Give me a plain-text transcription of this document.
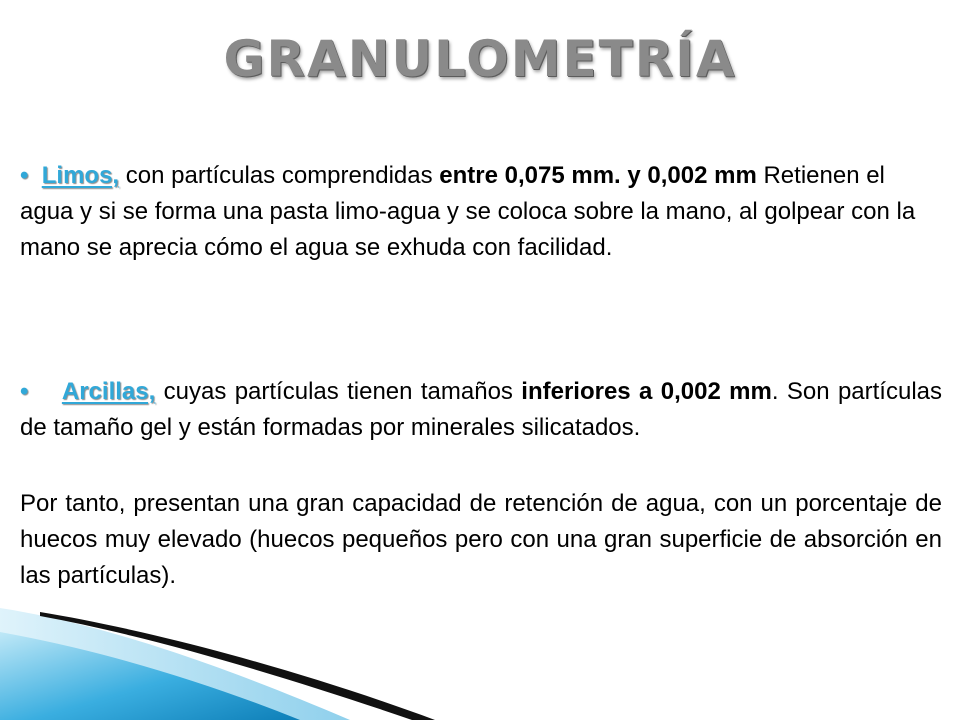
GRANULOMETRÍA
• Limos, con partículas comprendidas entre 0,075 mm. y 0,002 mm Retienen el agua y si se forma una pasta limo-agua y se coloca sobre la mano, al golpear con la mano se aprecia cómo el agua se exhuda con facilidad.
• Arcillas, cuyas partículas tienen tamaños inferiores a 0,002 mm. Son partículas de tamaño gel y están formadas por minerales silicatados.
Por tanto, presentan una gran capacidad de retención de agua, con un porcentaje de huecos muy elevado (huecos pequeños pero con una gran superficie de absorción en las partículas).
